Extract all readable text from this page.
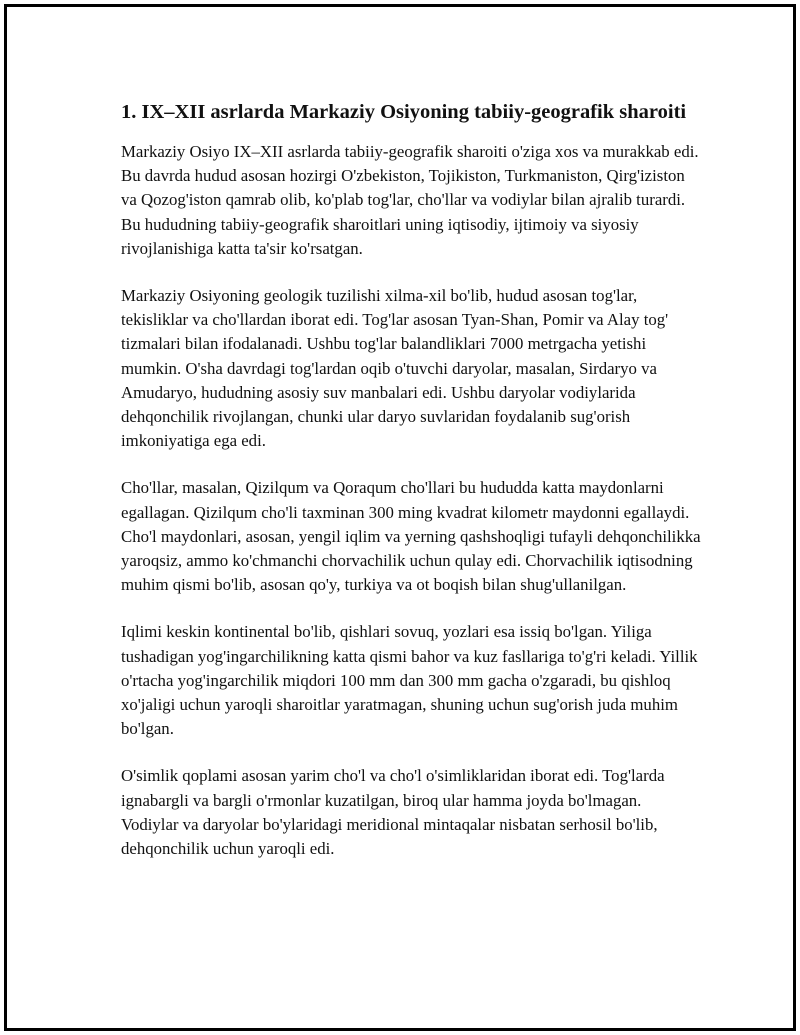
1. IX–XII asrlarda Markaziy Osiyoning tabiiy-geografik sharoiti

Markaziy Osiyo IX–XII asrlarda tabiiy-geografik sharoiti o'ziga xos va murakkab edi. Bu davrda hudud asosan hozirgi O'zbekiston, Tojikiston, Turkmaniston, Qirg'iziston va Qozog'iston qamrab olib, ko'plab tog'lar, cho'llar va vodiylar bilan ajralib turardi. Bu hududning tabiiy-geografik sharoitlari uning iqtisodiy, ijtimoiy va siyosiy rivojlanishiga katta ta'sir ko'rsatgan.

Markaziy Osiyoning geologik tuzilishi xilma-xil bo'lib, hudud asosan tog'lar, tekisliklar va cho'llardan iborat edi. Tog'lar asosan Tyan-Shan, Pomir va Alay tog' tizmalari bilan ifodalanadi. Ushbu tog'lar balandliklari 7000 metrgacha yetishi mumkin. O'sha davrdagi tog'lardan oqib o'tuvchi daryolar, masalan, Sirdaryo va Amudaryo, hududning asosiy suv manbalari edi. Ushbu daryolar vodiylarida dehqonchilik rivojlangan, chunki ular daryo suvlaridan foydalanib sug'orish imkoniyatiga ega edi.

Cho'llar, masalan, Qizilqum va Qoraqum cho'llari bu hududda katta maydonlarni egallagan. Qizilqum cho'li taxminan 300 ming kvadrat kilometr maydonni egallaydi. Cho'l maydonlari, asosan, yengil iqlim va yerning qashshoqligi tufayli dehqonchilikka yaroqsiz, ammo ko'chmanchi chorvachilik uchun qulay edi. Chorvachilik iqtisodning muhim qismi bo'lib, asosan qo'y, turkiya va ot boqish bilan shug'ullanilgan.

Iqlimi keskin kontinental bo'lib, qishlari sovuq, yozlari esa issiq bo'lgan. Yiliga tushadigan yog'ingarchilikning katta qismi bahor va kuz fasllariga to'g'ri keladi. Yillik o'rtacha yog'ingarchilik miqdori 100 mm dan 300 mm gacha o'zgaradi, bu qishloq xo'jaligi uchun yaroqli sharoitlar yaratmagan, shuning uchun sug'orish juda muhim bo'lgan.

O'simlik qoplami asosan yarim cho'l va cho'l o'simliklaridan iborat edi. Tog'larda ignabargli va bargli o'rmonlar kuzatilgan, biroq ular hamma joyda bo'lmagan. Vodiylar va daryolar bo'ylaridagi meridional mintaqalar nisbatan serhosil bo'lib, dehqonchilik uchun yaroqli edi.
